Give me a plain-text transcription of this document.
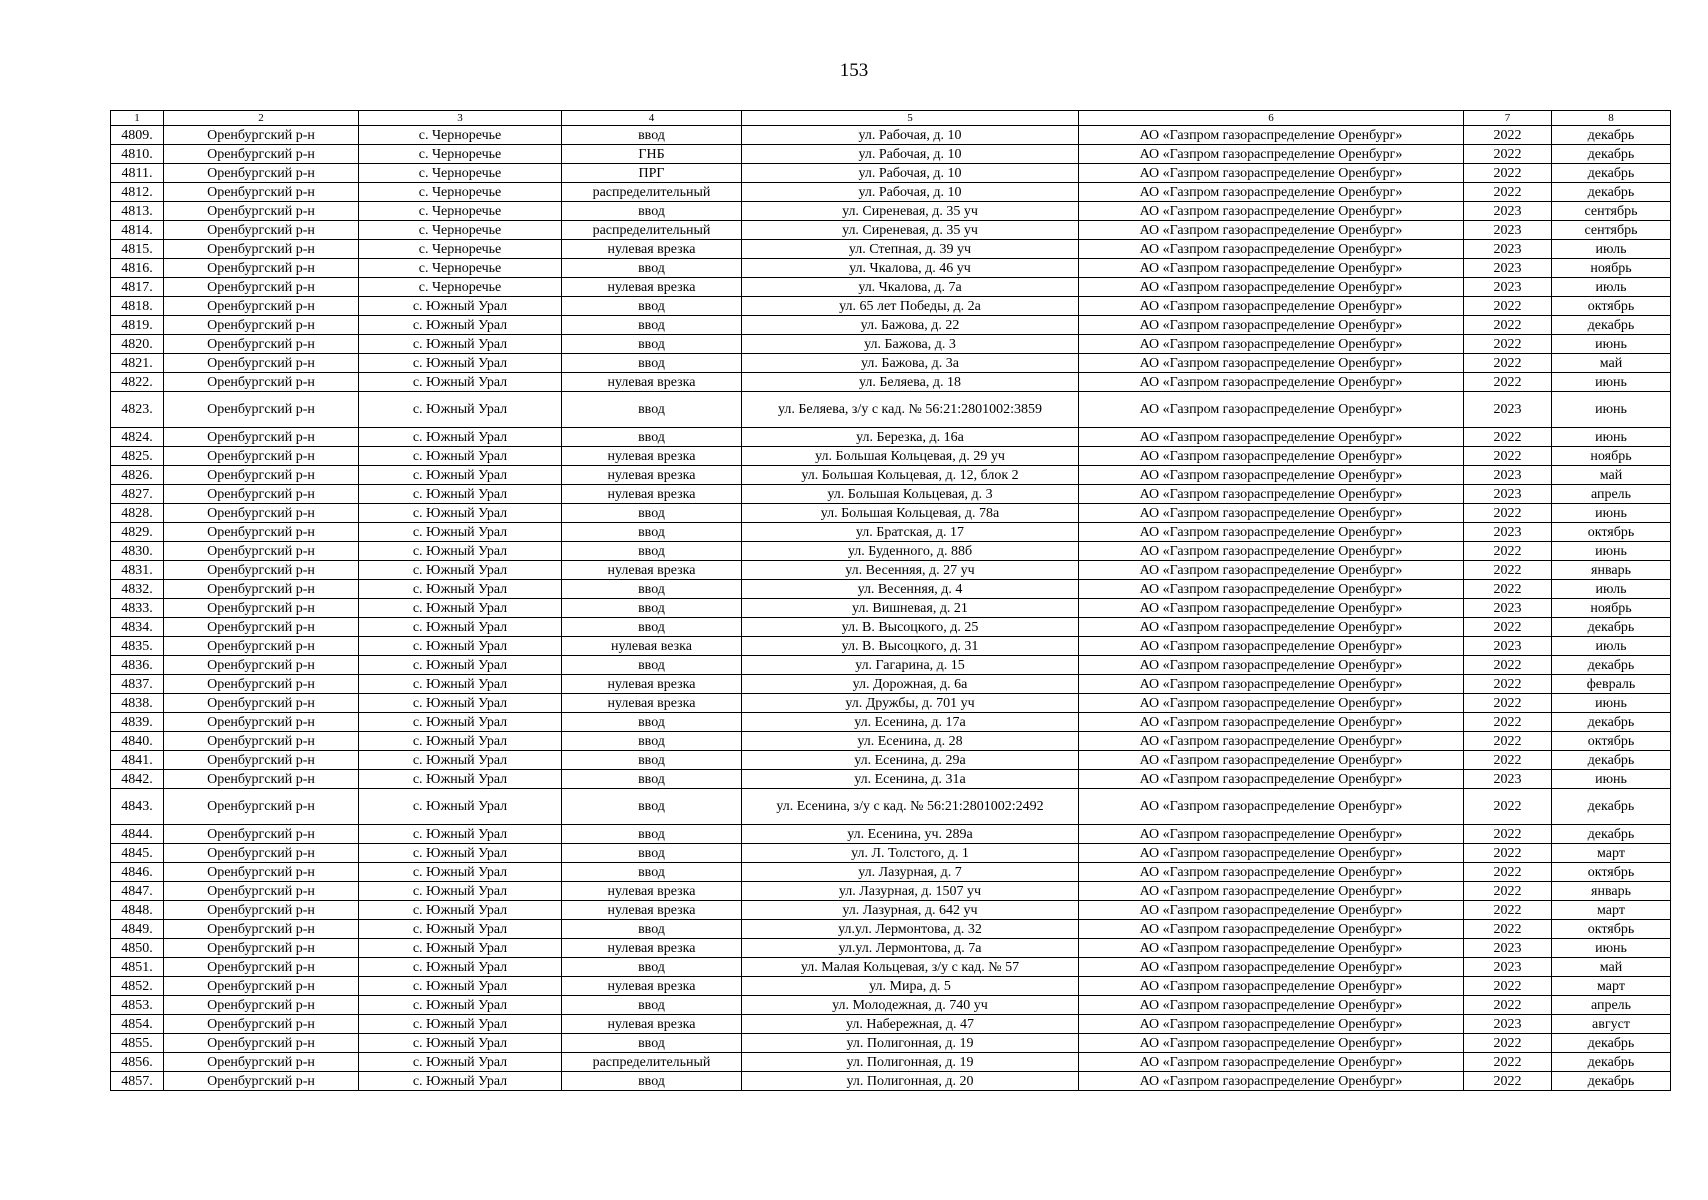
153
1	2	3	4	5	6	7	8
4809.	Оренбургский р-н	с. Черноречье	ввод	ул. Рабочая, д. 10	АО «Газпром газораспределение Оренбург»	2022	декабрь
4810.	Оренбургский р-н	с. Черноречье	ГНБ	ул. Рабочая, д. 10	АО «Газпром газораспределение Оренбург»	2022	декабрь
4811.	Оренбургский р-н	с. Черноречье	ПРГ	ул. Рабочая, д. 10	АО «Газпром газораспределение Оренбург»	2022	декабрь
4812.	Оренбургский р-н	с. Черноречье	распределительный	ул. Рабочая, д. 10	АО «Газпром газораспределение Оренбург»	2022	декабрь
4813.	Оренбургский р-н	с. Черноречье	ввод	ул. Сиреневая, д. 35 уч	АО «Газпром газораспределение Оренбург»	2023	сентябрь
4814.	Оренбургский р-н	с. Черноречье	распределительный	ул. Сиреневая, д. 35 уч	АО «Газпром газораспределение Оренбург»	2023	сентябрь
4815.	Оренбургский р-н	с. Черноречье	нулевая врезка	ул. Степная, д. 39 уч	АО «Газпром газораспределение Оренбург»	2023	июль
4816.	Оренбургский р-н	с. Черноречье	ввод	ул. Чкалова, д. 46 уч	АО «Газпром газораспределение Оренбург»	2023	ноябрь
4817.	Оренбургский р-н	с. Черноречье	нулевая врезка	ул. Чкалова, д. 7а	АО «Газпром газораспределение Оренбург»	2023	июль
4818.	Оренбургский р-н	с. Южный Урал	ввод	ул. 65 лет Победы, д. 2а	АО «Газпром газораспределение Оренбург»	2022	октябрь
4819.	Оренбургский р-н	с. Южный Урал	ввод	ул. Бажова, д. 22	АО «Газпром газораспределение Оренбург»	2022	декабрь
4820.	Оренбургский р-н	с. Южный Урал	ввод	ул. Бажова, д. 3	АО «Газпром газораспределение Оренбург»	2022	июнь
4821.	Оренбургский р-н	с. Южный Урал	ввод	ул. Бажова, д. 3а	АО «Газпром газораспределение Оренбург»	2022	май
4822.	Оренбургский р-н	с. Южный Урал	нулевая врезка	ул. Беляева, д. 18	АО «Газпром газораспределение Оренбург»	2022	июнь
4823.	Оренбургский р-н	с. Южный Урал	ввод	ул. Беляева, з/у с кад. № 56:21:2801002:3859	АО «Газпром газораспределение Оренбург»	2023	июнь
4824.	Оренбургский р-н	с. Южный Урал	ввод	ул. Березка, д. 16а	АО «Газпром газораспределение Оренбург»	2022	июнь
4825.	Оренбургский р-н	с. Южный Урал	нулевая врезка	ул. Большая Кольцевая, д. 29 уч	АО «Газпром газораспределение Оренбург»	2022	ноябрь
4826.	Оренбургский р-н	с. Южный Урал	нулевая врезка	ул. Большая Кольцевая, д. 12, блок 2	АО «Газпром газораспределение Оренбург»	2023	май
4827.	Оренбургский р-н	с. Южный Урал	нулевая врезка	ул. Большая Кольцевая, д. 3	АО «Газпром газораспределение Оренбург»	2023	апрель
4828.	Оренбургский р-н	с. Южный Урал	ввод	ул. Большая Кольцевая, д. 78а	АО «Газпром газораспределение Оренбург»	2022	июнь
4829.	Оренбургский р-н	с. Южный Урал	ввод	ул. Братская, д. 17	АО «Газпром газораспределение Оренбург»	2023	октябрь
4830.	Оренбургский р-н	с. Южный Урал	ввод	ул. Буденного, д. 88б	АО «Газпром газораспределение Оренбург»	2022	июнь
4831.	Оренбургский р-н	с. Южный Урал	нулевая врезка	ул. Весенняя, д. 27 уч	АО «Газпром газораспределение Оренбург»	2022	январь
4832.	Оренбургский р-н	с. Южный Урал	ввод	ул. Весенняя, д. 4	АО «Газпром газораспределение Оренбург»	2022	июль
4833.	Оренбургский р-н	с. Южный Урал	ввод	ул. Вишневая, д. 21	АО «Газпром газораспределение Оренбург»	2023	ноябрь
4834.	Оренбургский р-н	с. Южный Урал	ввод	ул. В. Высоцкого, д. 25	АО «Газпром газораспределение Оренбург»	2022	декабрь
4835.	Оренбургский р-н	с. Южный Урал	нулевая везка	ул. В. Высоцкого, д. 31	АО «Газпром газораспределение Оренбург»	2023	июль
4836.	Оренбургский р-н	с. Южный Урал	ввод	ул. Гагарина, д. 15	АО «Газпром газораспределение Оренбург»	2022	декабрь
4837.	Оренбургский р-н	с. Южный Урал	нулевая врезка	ул. Дорожная, д. 6а	АО «Газпром газораспределение Оренбург»	2022	февраль
4838.	Оренбургский р-н	с. Южный Урал	нулевая врезка	ул. Дружбы, д. 701 уч	АО «Газпром газораспределение Оренбург»	2022	июнь
4839.	Оренбургский р-н	с. Южный Урал	ввод	ул. Есенина, д. 17а	АО «Газпром газораспределение Оренбург»	2022	декабрь
4840.	Оренбургский р-н	с. Южный Урал	ввод	ул. Есенина, д. 28	АО «Газпром газораспределение Оренбург»	2022	октябрь
4841.	Оренбургский р-н	с. Южный Урал	ввод	ул. Есенина, д. 29а	АО «Газпром газораспределение Оренбург»	2022	декабрь
4842.	Оренбургский р-н	с. Южный Урал	ввод	ул. Есенина, д. 31а	АО «Газпром газораспределение Оренбург»	2023	июнь
4843.	Оренбургский р-н	с. Южный Урал	ввод	ул. Есенина, з/у с кад. № 56:21:2801002:2492	АО «Газпром газораспределение Оренбург»	2022	декабрь
4844.	Оренбургский р-н	с. Южный Урал	ввод	ул. Есенина, уч. 289а	АО «Газпром газораспределение Оренбург»	2022	декабрь
4845.	Оренбургский р-н	с. Южный Урал	ввод	ул. Л. Толстого, д. 1	АО «Газпром газораспределение Оренбург»	2022	март
4846.	Оренбургский р-н	с. Южный Урал	ввод	ул. Лазурная, д. 7	АО «Газпром газораспределение Оренбург»	2022	октябрь
4847.	Оренбургский р-н	с. Южный Урал	нулевая врезка	ул. Лазурная, д. 1507 уч	АО «Газпром газораспределение Оренбург»	2022	январь
4848.	Оренбургский р-н	с. Южный Урал	нулевая врезка	ул. Лазурная, д. 642 уч	АО «Газпром газораспределение Оренбург»	2022	март
4849.	Оренбургский р-н	с. Южный Урал	ввод	ул.ул. Лермонтова, д. 32	АО «Газпром газораспределение Оренбург»	2022	октябрь
4850.	Оренбургский р-н	с. Южный Урал	нулевая врезка	ул.ул. Лермонтова, д. 7а	АО «Газпром газораспределение Оренбург»	2023	июнь
4851.	Оренбургский р-н	с. Южный Урал	ввод	ул. Малая Кольцевая, з/у с кад. № 57	АО «Газпром газораспределение Оренбург»	2023	май
4852.	Оренбургский р-н	с. Южный Урал	нулевая врезка	ул. Мира, д. 5	АО «Газпром газораспределение Оренбург»	2022	март
4853.	Оренбургский р-н	с. Южный Урал	ввод	ул. Молодежная, д. 740 уч	АО «Газпром газораспределение Оренбург»	2022	апрель
4854.	Оренбургский р-н	с. Южный Урал	нулевая врезка	ул. Набережная, д. 47	АО «Газпром газораспределение Оренбург»	2023	август
4855.	Оренбургский р-н	с. Южный Урал	ввод	ул. Полигонная, д. 19	АО «Газпром газораспределение Оренбург»	2022	декабрь
4856.	Оренбургский р-н	с. Южный Урал	распределительный	ул. Полигонная, д. 19	АО «Газпром газораспределение Оренбург»	2022	декабрь
4857.	Оренбургский р-н	с. Южный Урал	ввод	ул. Полигонная, д. 20	АО «Газпром газораспределение Оренбург»	2022	декабрь
